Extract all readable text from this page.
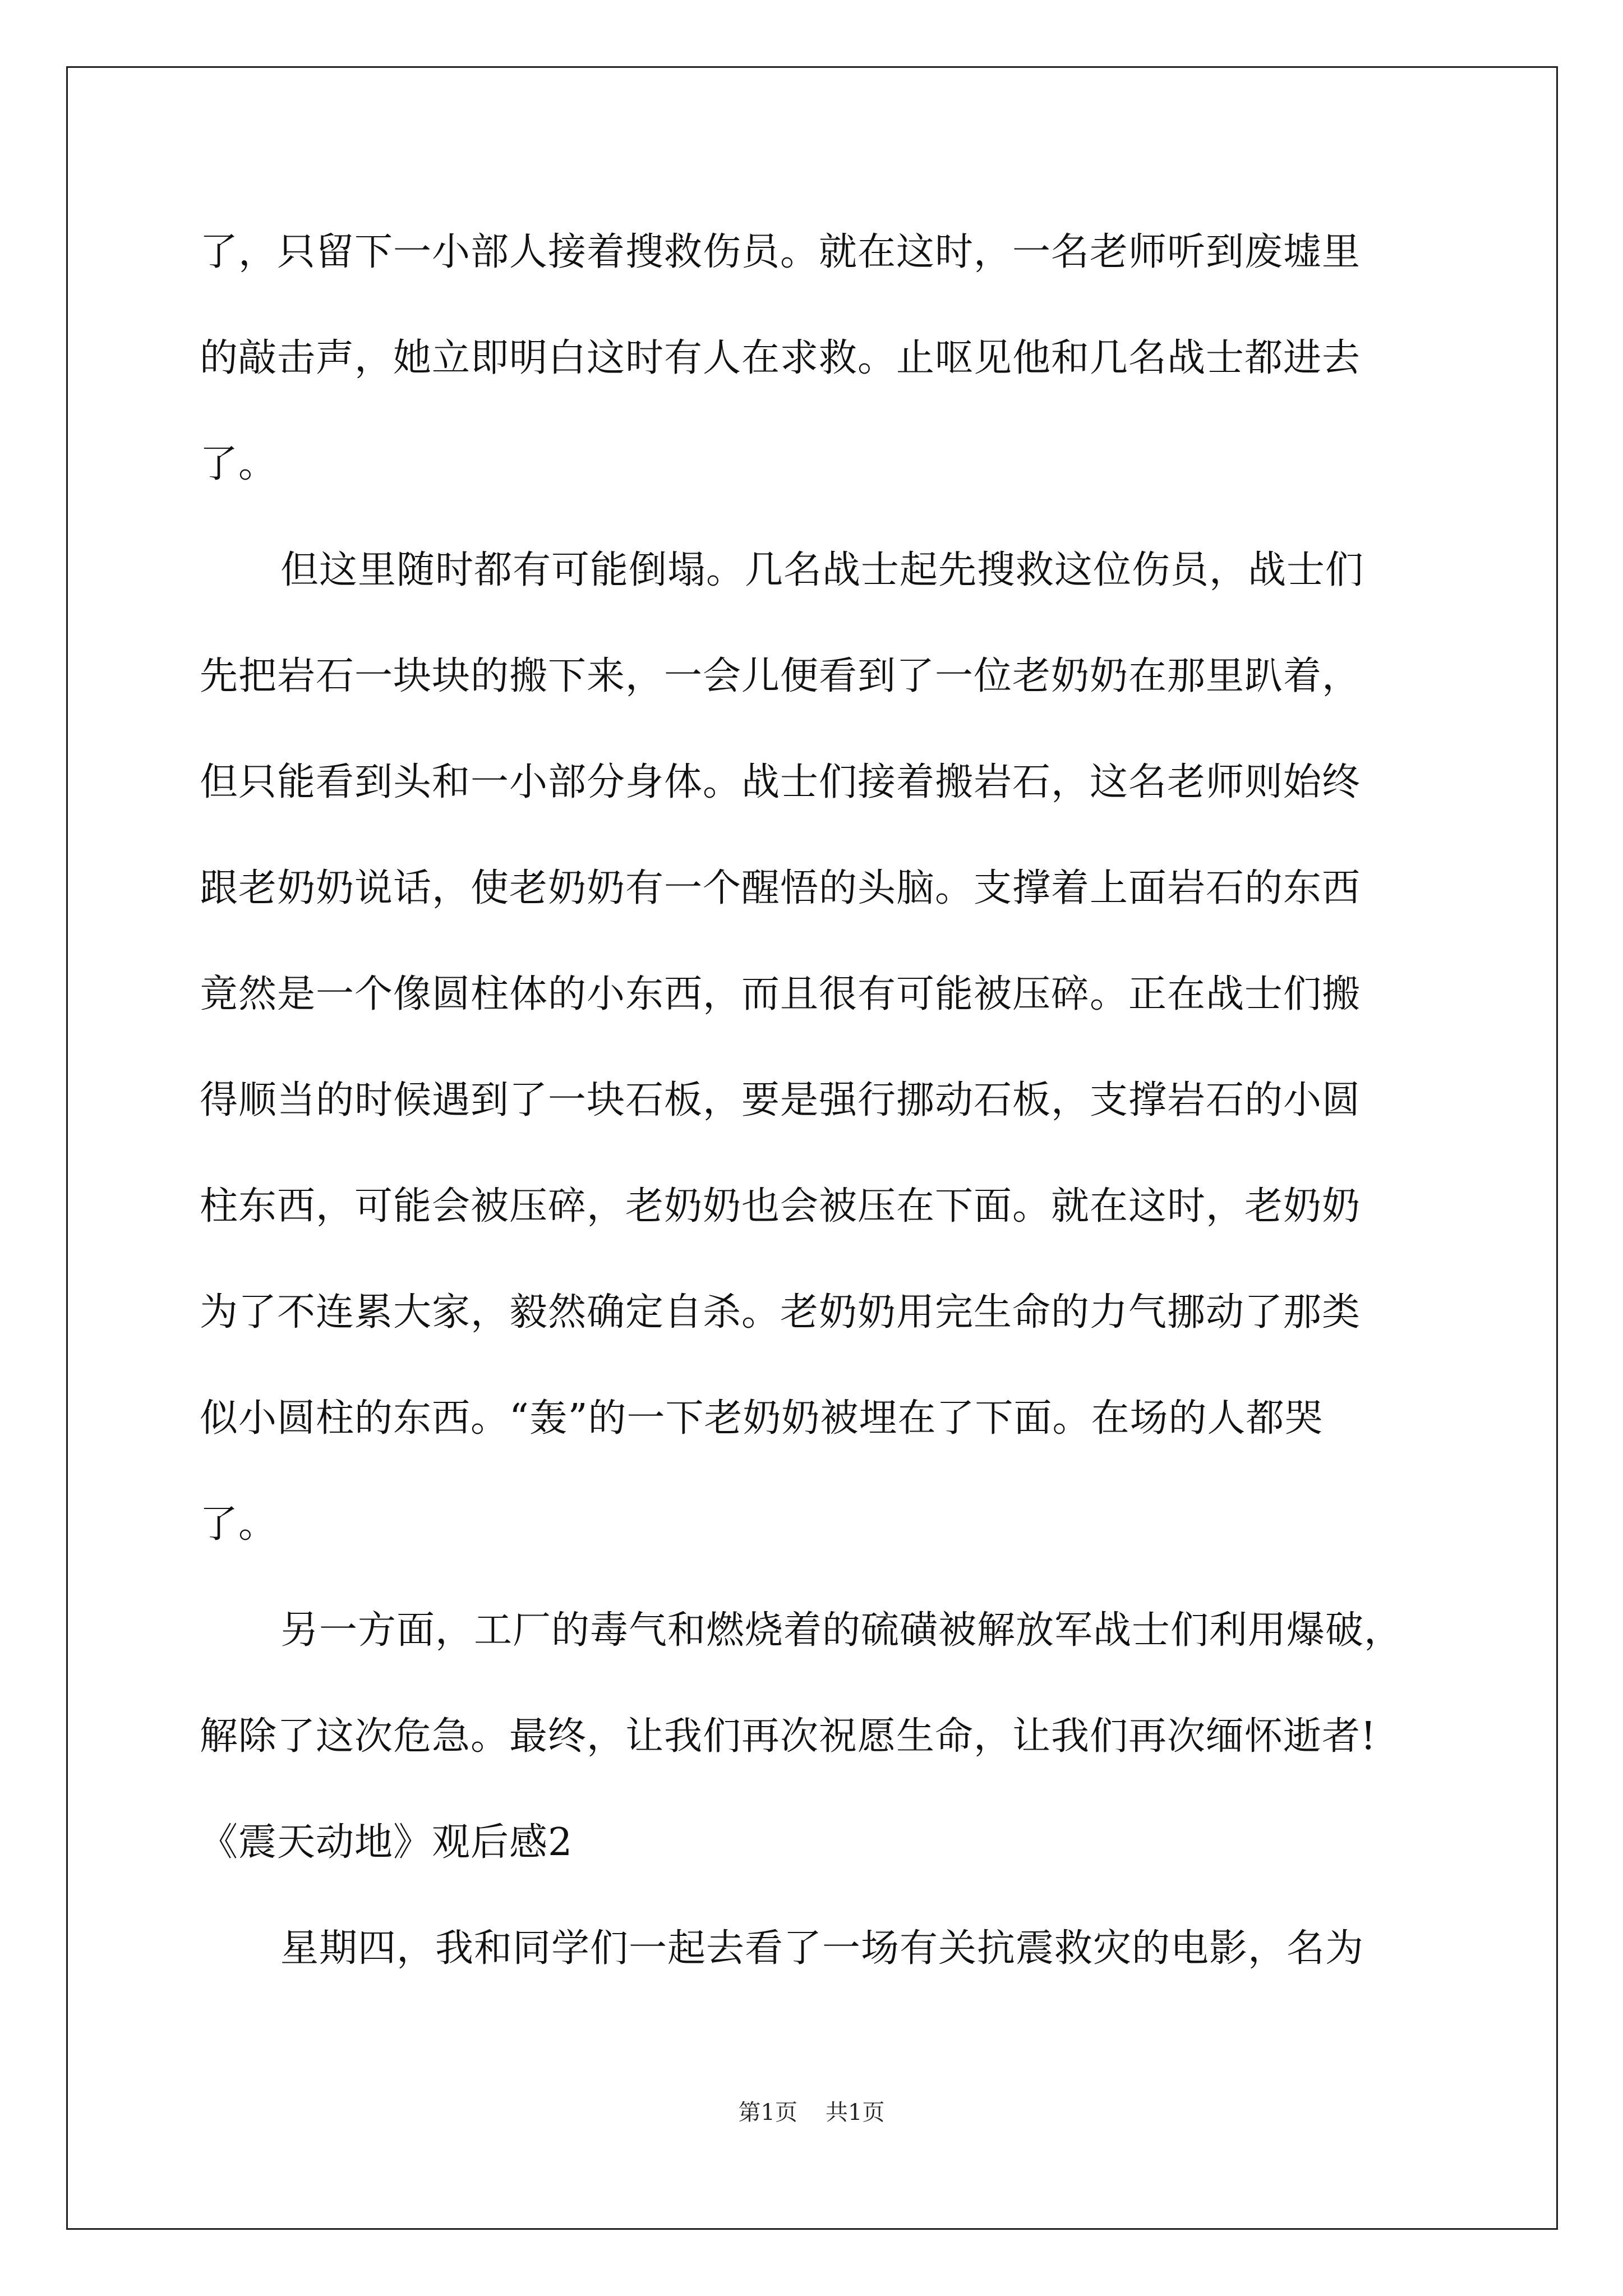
了，只留下一小部人接着搜救伤员。就在这时，一名老师听到废墟里
的敲击声，她立即明白这时有人在求救。止呕见他和几名战士都进去
了。
但这里随时都有可能倒塌。几名战士起先搜救这位伤员，战士们
先把岩石一块块的搬下来，一会儿便看到了一位老奶奶在那里趴着，
但只能看到头和一小部分身体。战士们接着搬岩石，这名老师则始终
跟老奶奶说话，使老奶奶有一个醒悟的头脑。支撑着上面岩石的东西
竟然是一个像圆柱体的小东西，而且很有可能被压碎。正在战士们搬
得顺当的时候遇到了一块石板，要是强行挪动石板，支撑岩石的小圆
柱东西，可能会被压碎，老奶奶也会被压在下面。就在这时，老奶奶
为了不连累大家，毅然确定自杀。老奶奶用完生命的力气挪动了那类
似小圆柱的东西。“轰”的一下老奶奶被埋在了下面。在场的人都哭
了。
另一方面，工厂的毒气和燃烧着的硫磺被解放军战士们利用爆破，
解除了这次危急。最终，让我们再次祝愿生命，让我们再次缅怀逝者!
《震天动地》观后感2
星期四，我和同学们一起去看了一场有关抗震救灾的电影，名为
第1页 共1页
